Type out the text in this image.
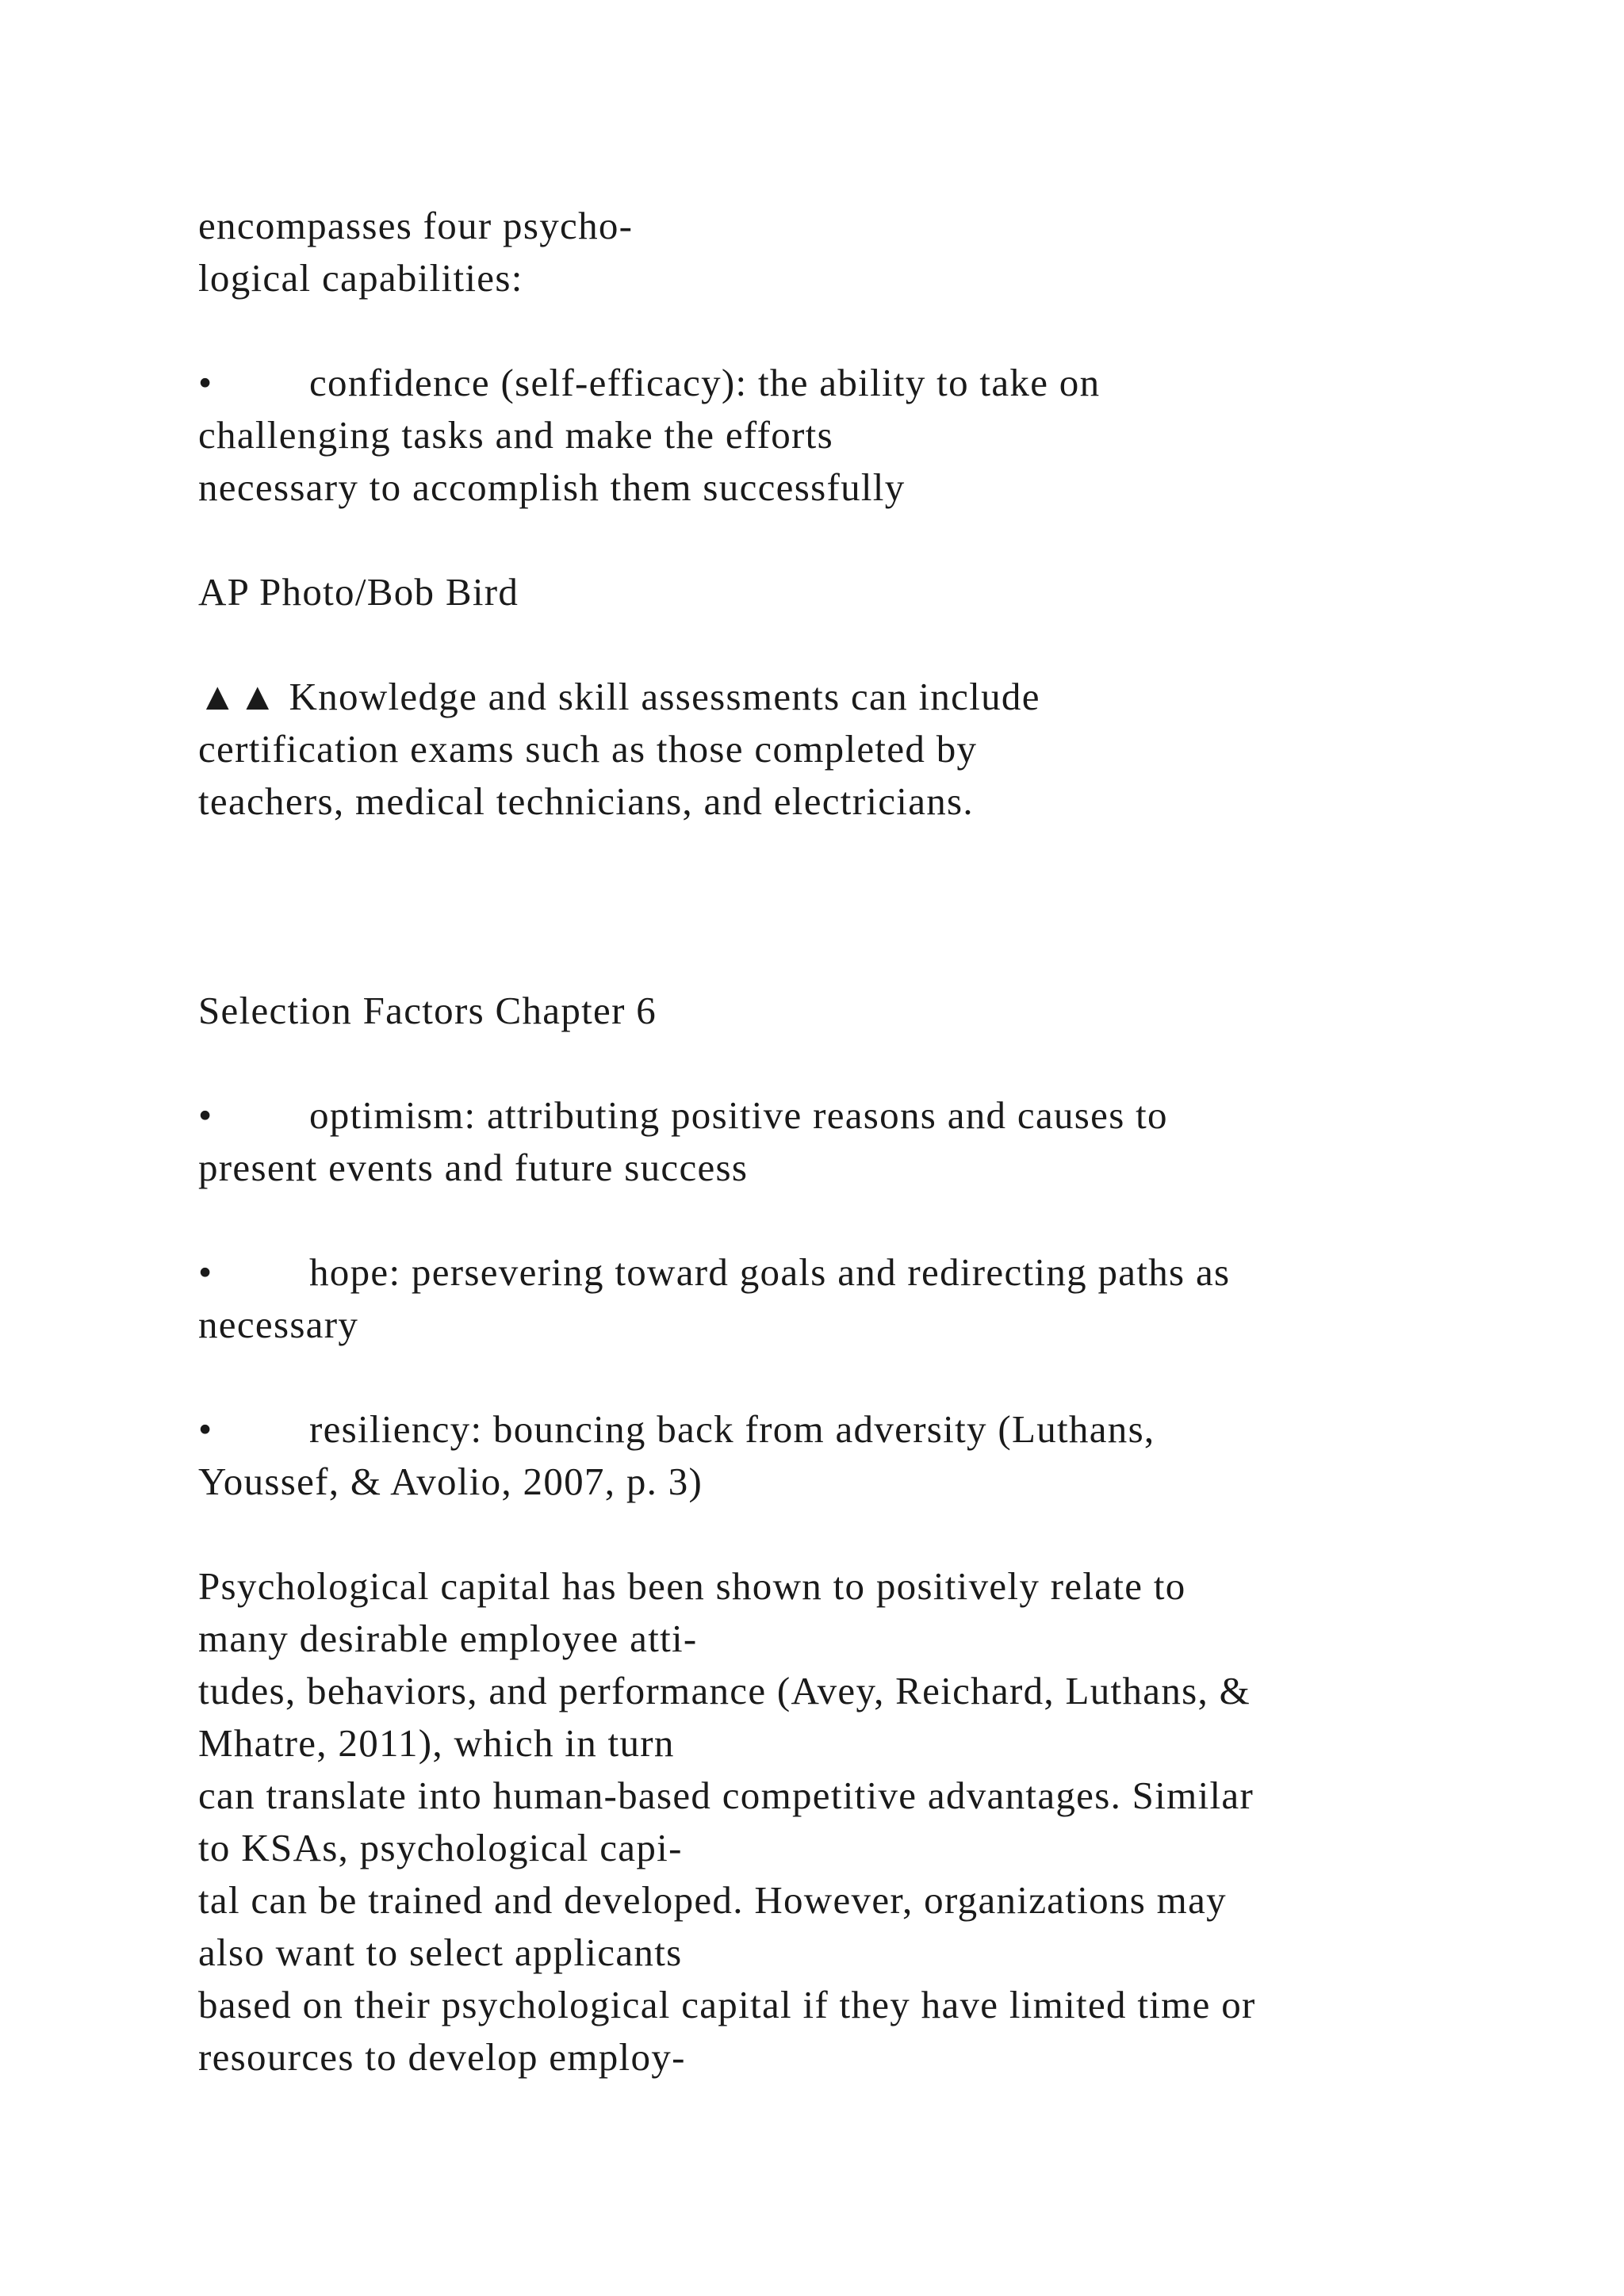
encompasses four psycho-
logical capabilities:
• confidence (self-efficacy): the ability to take on
challenging tasks and make the efforts
necessary to accomplish them successfully
AP Photo/Bob Bird
▲▲ Knowledge and skill assessments can include
certification exams such as those completed by
teachers, medical technicians, and electricians.
Selection Factors Chapter 6
• optimism: attributing positive reasons and causes to
present events and future success
• hope: persevering toward goals and redirecting paths as
necessary
• resiliency: bouncing back from adversity (Luthans,
Youssef, & Avolio, 2007, p. 3)
Psychological capital has been shown to positively relate to
many desirable employee atti-
tudes, behaviors, and performance (Avey, Reichard, Luthans, &
Mhatre, 2011), which in turn
can translate into human-based competitive advantages. Similar
to KSAs, psychological capi-
tal can be trained and developed. However, organizations may
also want to select applicants
based on their psychological capital if they have limited time or
resources to develop employ-
